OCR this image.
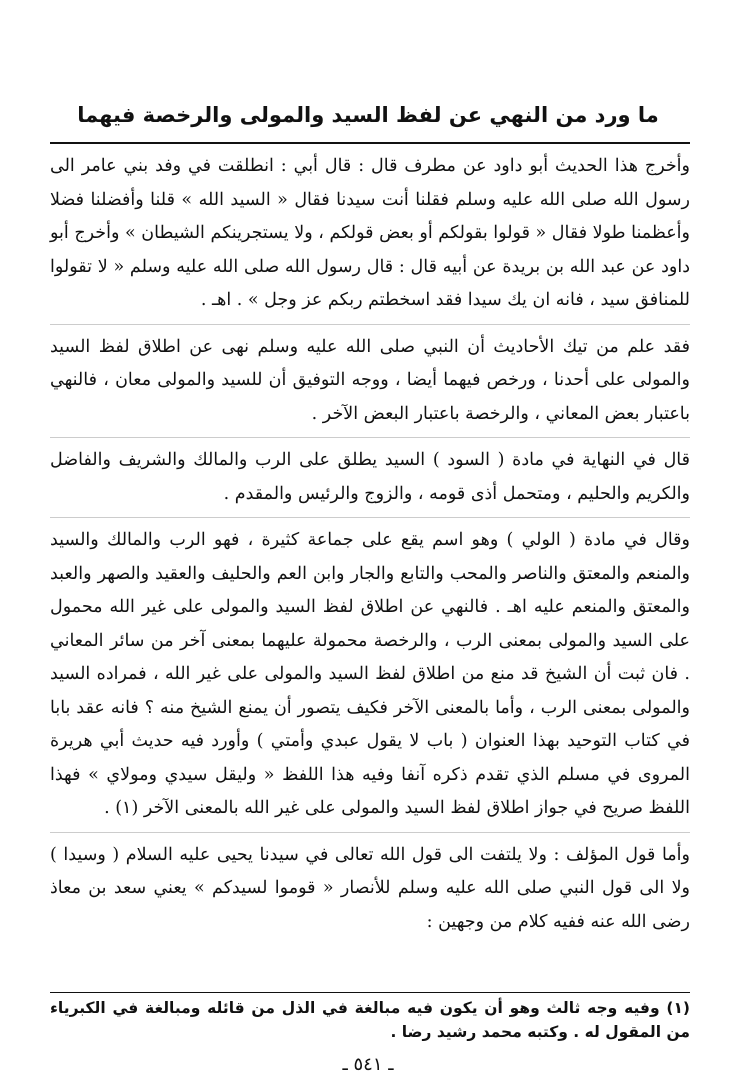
ما ورد من النهي عن لفظ السيد والمولى والرخصة فيهما

وأخرج هذا الحديث أبو داود عن مطرف قال : قال أبي : انطلقت في وفد بني عامر الى رسول الله صلى الله عليه وسلم فقلنا أنت سيدنا فقال « السيد الله » قلنا وأفضلنا فضلا وأعظمنا طولا فقال « قولوا بقولكم أو بعض قولكم ، ولا يستجرينكم الشيطان » وأخرج أبو داود عن عبد الله بن بريدة عن أبيه قال : قال رسول الله صلى الله عليه وسلم « لا تقولوا للمنافق سيد ، فانه ان يك سيدا فقد اسخطتم ربكم عز وجل » . اهـ .

فقد علم من تيك الأحاديث أن النبي صلى الله عليه وسلم نهى عن اطلاق لفظ السيد والمولى على أحدنا ، ورخص فيهما أيضا ، ووجه التوفيق أن للسيد والمولى معان ، فالنهي باعتبار بعض المعاني ، والرخصة باعتبار البعض الآخر .

قال في النهاية في مادة ( السود ) السيد يطلق على الرب والمالك والشريف والفاضل والكريم والحليم ، ومتحمل أذى قومه ، والزوج والرئيس والمقدم .

وقال في مادة ( الولي ) وهو اسم يقع على جماعة كثيرة ، فهو الرب والمالك والسيد والمنعم والمعتق والناصر والمحب والتابع والجار وابن العم والحليف والعقيد والصهر والعبد والمعتق والمنعم عليه اهـ . فالنهي عن اطلاق لفظ السيد والمولى على غير الله محمول على السيد والمولى بمعنى الرب ، والرخصة محمولة عليهما بمعنى آخر من سائر المعاني . فان ثبت أن الشيخ قد منع من اطلاق لفظ السيد والمولى على غير الله ، فمراده السيد والمولى بمعنى الرب ، وأما بالمعنى الآخر فكيف يتصور أن يمنع الشيخ منه ؟ فانه عقد بابا في كتاب التوحيد بهذا العنوان ( باب لا يقول عبدي وأمتي ) وأورد فيه حديث أبي هريرة المروى في مسلم الذي تقدم ذكره آنفا وفيه هذا اللفظ « وليقل سيدي ومولاي » فهذا اللفظ صريح في جواز اطلاق لفظ السيد والمولى على غير الله بالمعنى الآخر (١) .

وأما قول المؤلف : ولا يلتفت الى قول الله تعالى في سيدنا يحيى عليه السلام ( وسيدا ) ولا الى قول النبي صلى الله عليه وسلم للأنصار « قوموا لسيدكم » يعني سعد بن معاذ رضى الله عنه ففيه كلام من وجهين :

(١) وفيه وجه ثالث وهو أن يكون فيه مبالغة في الذل من قائله ومبالغة في الكبرياء من المقول له . وكتبه محمد رشيد رضا .
ـ ٥٤١ ـ
